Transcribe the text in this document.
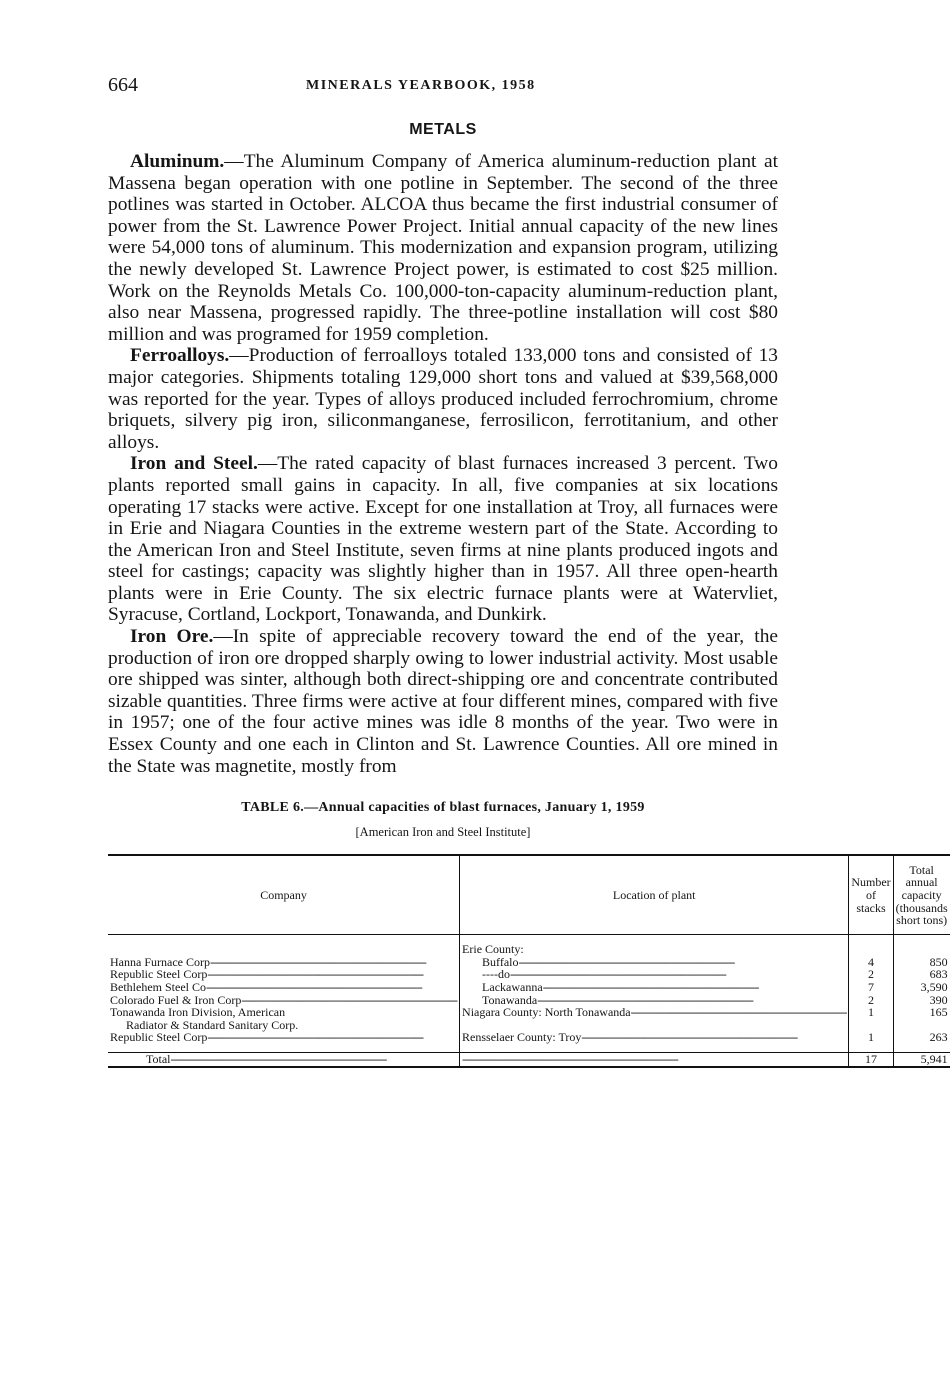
664	MINERALS YEARBOOK, 1958
METALS

Aluminum.—The Aluminum Company of America aluminum-reduction plant at Massena began operation with one potline in September. The second of the three potlines was started in October. ALCOA thus became the first industrial consumer of power from the St. Lawrence Power Project. Initial annual capacity of the new lines were 54,000 tons of aluminum. This modernization and expansion program, utilizing the newly developed St. Lawrence Project power, is estimated to cost $25 million. Work on the Reynolds Metals Co. 100,000-ton-capacity aluminum-reduction plant, also near Massena, progressed rapidly. The three-potline installation will cost $80 million and was programed for 1959 completion.

Ferroalloys.—Production of ferroalloys totaled 133,000 tons and consisted of 13 major categories. Shipments totaling 129,000 short tons and valued at $39,568,000 was reported for the year. Types of alloys produced included ferrochromium, chrome briquets, silvery pig iron, siliconmanganese, ferrosilicon, ferrotitanium, and other alloys.

Iron and Steel.—The rated capacity of blast furnaces increased 3 percent. Two plants reported small gains in capacity. In all, five companies at six locations operating 17 stacks were active. Except for one installation at Troy, all furnaces were in Erie and Niagara Counties in the extreme western part of the State. According to the American Iron and Steel Institute, seven firms at nine plants produced ingots and steel for castings; capacity was slightly higher than in 1957. All three open-hearth plants were in Erie County. The six electric furnace plants were at Watervliet, Syracuse, Cortland, Lockport, Tonawanda, and Dunkirk.

Iron Ore.—In spite of appreciable recovery toward the end of the year, the production of iron ore dropped sharply owing to lower industrial activity. Most usable ore shipped was sinter, although both direct-shipping ore and concentrate contributed sizable quantities. Three firms were active at four different mines, compared with five in 1957; one of the four active mines was idle 8 months of the year. Two were in Essex County and one each in Clinton and St. Lawrence Counties. All ore mined in the State was magnetite, mostly from

TABLE 6.—Annual capacities of blast furnaces, January 1, 1959
[American Iron and Steel Institute]
Company	Location of plant	Number of stacks	Total annual capacity (thousands short tons)

	Erie County:		
Hanna Furnace Corp -----	Buffalo -----	4	850
Republic Steel Corp -----	----do -----	2	683
Bethlehem Steel Co -----	Lackawanna -----	7	3,590
Colorado Fuel & Iron Corp -----	Tonawanda -----	2	390
Tonawanda Iron Division, American
Radiator & Standard Sanitary Corp.	Niagara County: North Tonawanda -----	1	165
Republic Steel Corp -----	Rensselaer County: Troy -----	1	263

Total -----	-----	17	5,941
